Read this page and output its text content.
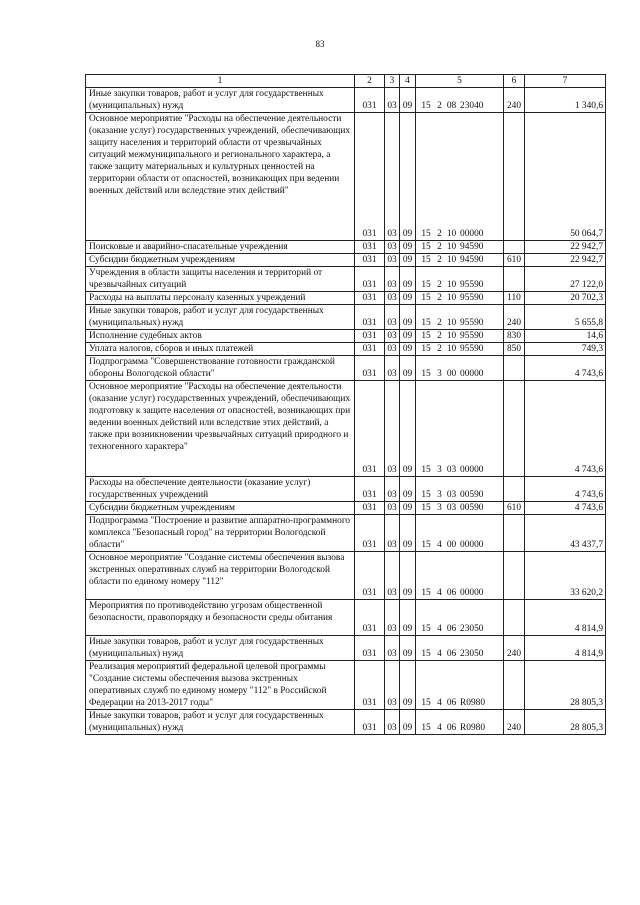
83
1	2	3	4	5	6	7
Иные закупки товаров, работ и услуг для государственных (муниципальных) нужд	031	03	09	15 2 08 23040	240	1 340,6
Основное мероприятие "Расходы на обеспечение деятельности (оказание услуг) государственных учреждений, обеспечивающих защиту населения и территорий области от чрезвычайных ситуаций межмуниципального и регионального характера, а также защиту материальных и культурных ценностей на территории области от опасностей, возникающих при ведении военных действий или вследствие этих действий"	031	03	09	15 2 10 00000		50 064,7
Поисковые и аварийно-спасательные учреждения	031	03	09	15 2 10 94590		22 942,7
Субсидии бюджетным учреждениям	031	03	09	15 2 10 94590	610	22 942,7
Учреждения в области защиты населения и территорий от чрезвычайных ситуаций	031	03	09	15 2 10 95590		27 122,0
Расходы на выплаты персоналу казенных учреждений	031	03	09	15 2 10 95590	110	20 702,3
Иные закупки товаров, работ и услуг для государственных (муниципальных) нужд	031	03	09	15 2 10 95590	240	5 655,8
Исполнение судебных актов	031	03	09	15 2 10 95590	830	14,6
Уплата налогов, сборов и иных платежей	031	03	09	15 2 10 95590	850	749,3
Подпрограмма "Совершенствование готовности гражданской обороны Вологодской области"	031	03	09	15 3 00 00000		4 743,6
Основное мероприятие "Расходы на обеспечение деятельности (оказание услуг) государственных учреждений, обеспечивающих подготовку к защите населения от опасностей, возникающих при ведении военных действий или вследствие этих действий, а также при возникновении чрезвычайных ситуаций природного и техногенного характера"	031	03	09	15 3 03 00000		4 743,6
Расходы на обеспечение деятельности (оказание услуг) государственных учреждений	031	03	09	15 3 03 00590		4 743,6
Субсидии бюджетным учреждениям	031	03	09	15 3 03 00590	610	4 743,6
Подпрограмма "Построение и развитие аппаратно-программного комплекса "Безопасный город" на территории Вологодской области"	031	03	09	15 4 00 00000		43 437,7
Основное мероприятие "Создание системы обеспечения вызова экстренных оперативных служб на территории Вологодской области по единому номеру "112"	031	03	09	15 4 06 00000		33 620,2
Мероприятия по противодействию угрозам общественной безопасности, правопорядку и безопасности среды обитания	031	03	09	15 4 06 23050		4 814,9
Иные закупки товаров, работ и услуг для государственных (муниципальных) нужд	031	03	09	15 4 06 23050	240	4 814,9
Реализация мероприятий федеральной целевой программы "Создание системы обеспечения вызова экстренных оперативных служб по единому номеру "112" в Российской Федерации на 2013-2017 годы"	031	03	09	15 4 06 R0980		28 805,3
Иные закупки товаров, работ и услуг для государственных (муниципальных) нужд	031	03	09	15 4 06 R0980	240	28 805,3
